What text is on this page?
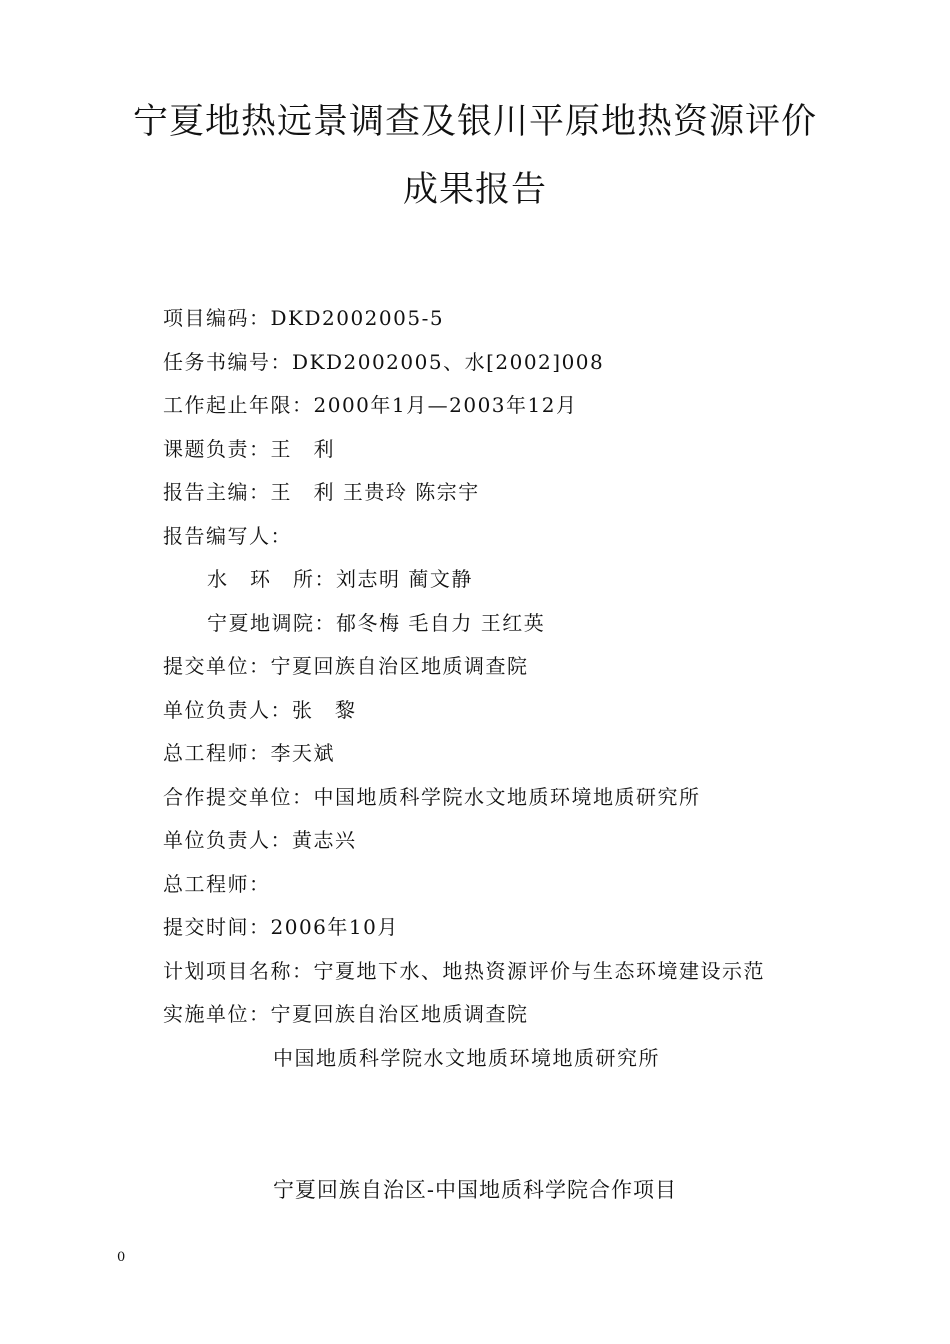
宁夏地热远景调查及银川平原地热资源评价
成果报告
项目编码：DKD2002005-5
任务书编号：DKD2002005、水[2002]008
工作起止年限：2000年1月—2003年12月
课题负责：王　利
报告主编：王　利 王贵玲 陈宗宇
报告编写人：
水　环　所：刘志明 蔺文静
宁夏地调院：郁冬梅 毛自力 王红英
提交单位：宁夏回族自治区地质调查院
单位负责人：张　黎
总工程师：李天斌
合作提交单位：中国地质科学院水文地质环境地质研究所
单位负责人：黄志兴
总工程师：
提交时间：2006年10月
计划项目名称：宁夏地下水、地热资源评价与生态环境建设示范
实施单位：宁夏回族自治区地质调查院
中国地质科学院水文地质环境地质研究所
宁夏回族自治区-中国地质科学院合作项目
0
